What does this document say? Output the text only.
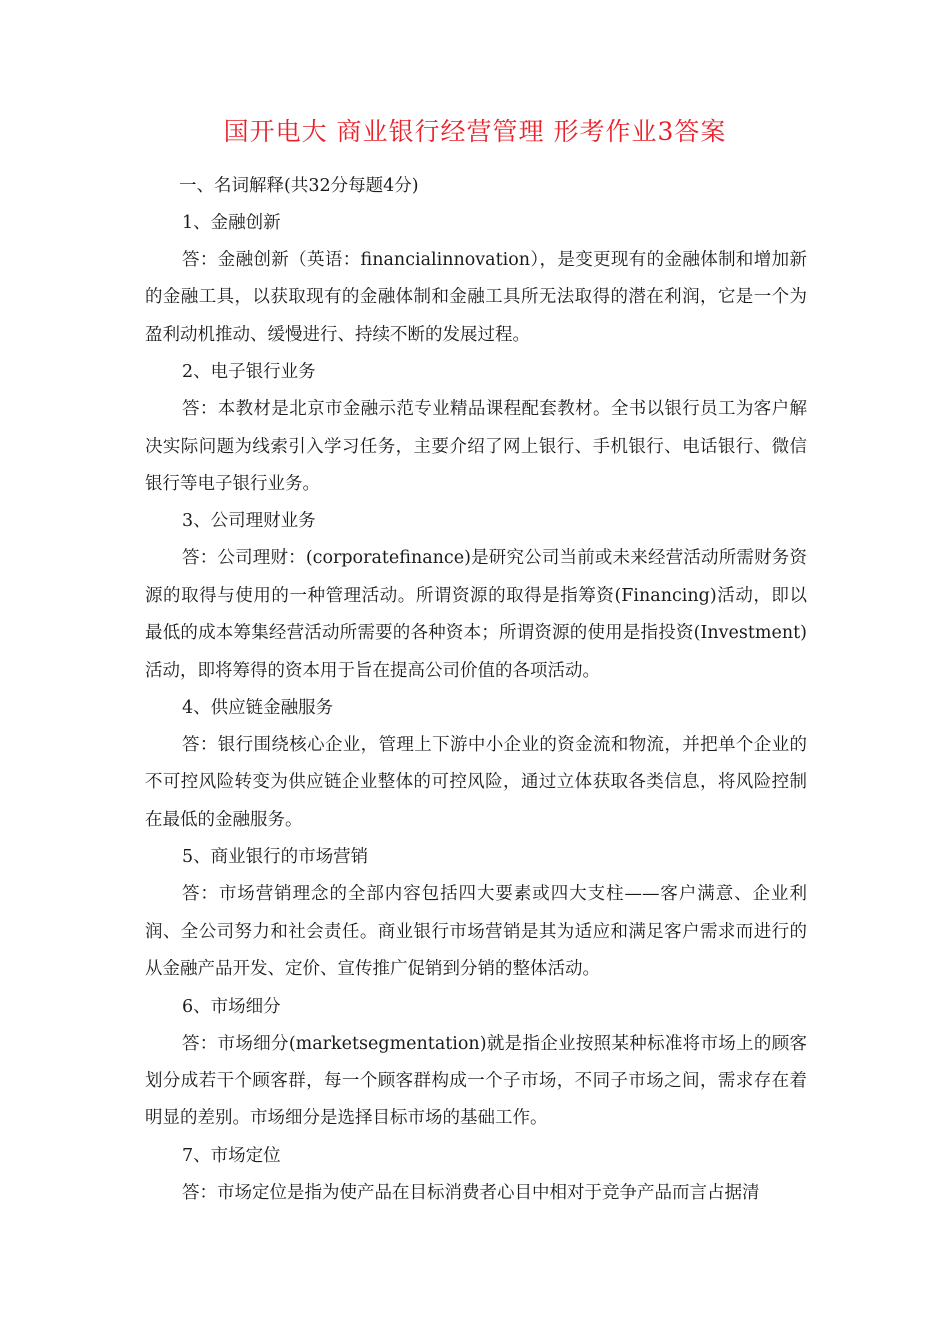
国开电大 商业银行经营管理 形考作业3答案

一、名词解释(共32分每题4分)

1、金融创新

答：金融创新（英语：financialinnovation），是变更现有的金融体制和增加新的金融工具，以获取现有的金融体制和金融工具所无法取得的潜在利润，它是一个为盈利动机推动、缓慢进行、持续不断的发展过程。

2、电子银行业务

答：本教材是北京市金融示范专业精品课程配套教材。全书以银行员工为客户解决实际问题为线索引入学习任务，主要介绍了网上银行、手机银行、电话银行、微信银行等电子银行业务。

3、公司理财业务

答：公司理财：(corporatefinance)是研究公司当前或未来经营活动所需财务资源的取得与使用的一种管理活动。所谓资源的取得是指筹资(Financing)活动，即以最低的成本筹集经营活动所需要的各种资本；所谓资源的使用是指投资(Investment)活动，即将筹得的资本用于旨在提高公司价值的各项活动。

4、供应链金融服务

答：银行围绕核心企业，管理上下游中小企业的资金流和物流，并把单个企业的不可控风险转变为供应链企业整体的可控风险，通过立体获取各类信息，将风险控制在最低的金融服务。

5、商业银行的市场营销

答：市场营销理念的全部内容包括四大要素或四大支柱——客户满意、企业利润、全公司努力和社会责任。商业银行市场营销是其为适应和满足客户需求而进行的从金融产品开发、定价、宣传推广促销到分销的整体活动。

6、市场细分

答：市场细分(marketsegmentation)就是指企业按照某种标准将市场上的顾客划分成若干个顾客群，每一个顾客群构成一个子市场，不同子市场之间，需求存在着明显的差别。市场细分是选择目标市场的基础工作。

7、市场定位

答：市场定位是指为使产品在目标消费者心目中相对于竞争产品而言占据清
